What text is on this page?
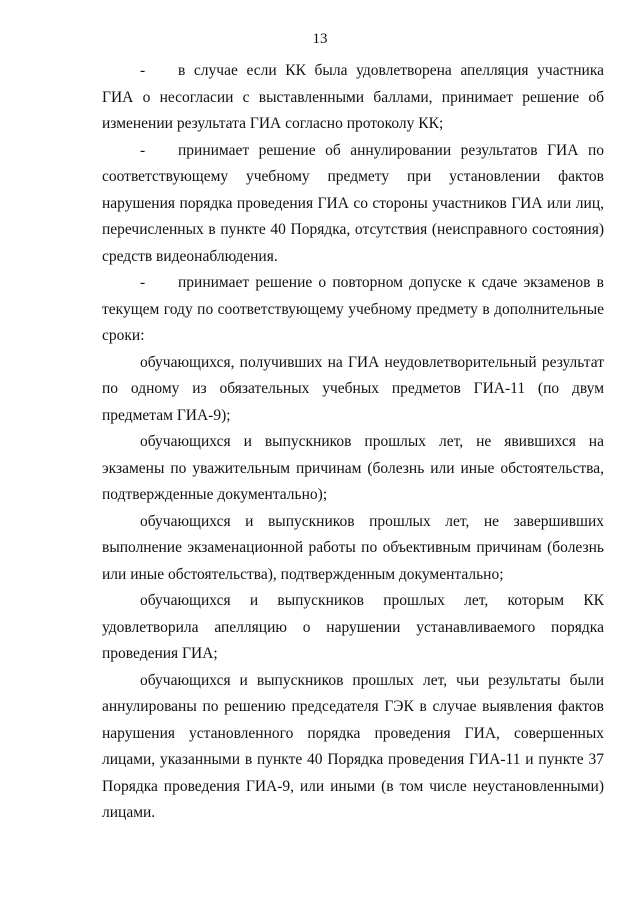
13

- в случае если КК была удовлетворена апелляция участника ГИА о несогласии с выставленными баллами, принимает решение об изменении результата ГИА согласно протоколу КК;

- принимает решение об аннулировании результатов ГИА по соответствующему учебному предмету при установлении фактов нарушения порядка проведения ГИА со стороны участников ГИА или лиц, перечисленных в пункте 40 Порядка, отсутствия (неисправного состояния) средств видеонаблюдения.

- принимает решение о повторном допуске к сдаче экзаменов в текущем году по соответствующему учебному предмету в дополнительные сроки:

обучающихся, получивших на ГИА неудовлетворительный результат по одному из обязательных учебных предметов ГИА-11 (по двум предметам ГИА-9);

обучающихся и выпускников прошлых лет, не явившихся на экзамены по уважительным причинам (болезнь или иные обстоятельства, подтвержденные документально);

обучающихся и выпускников прошлых лет, не завершивших выполнение экзаменационной работы по объективным причинам (болезнь или иные обстоятельства), подтвержденным документально;

обучающихся и выпускников прошлых лет, которым КК удовлетворила апелляцию о нарушении устанавливаемого порядка проведения ГИА;

обучающихся и выпускников прошлых лет, чьи результаты были аннулированы по решению председателя ГЭК в случае выявления фактов нарушения установленного порядка проведения ГИА, совершенных лицами, указанными в пункте 40 Порядка проведения ГИА-11 и пункте 37 Порядка проведения ГИА-9, или иными (в том числе неустановленными) лицами.
